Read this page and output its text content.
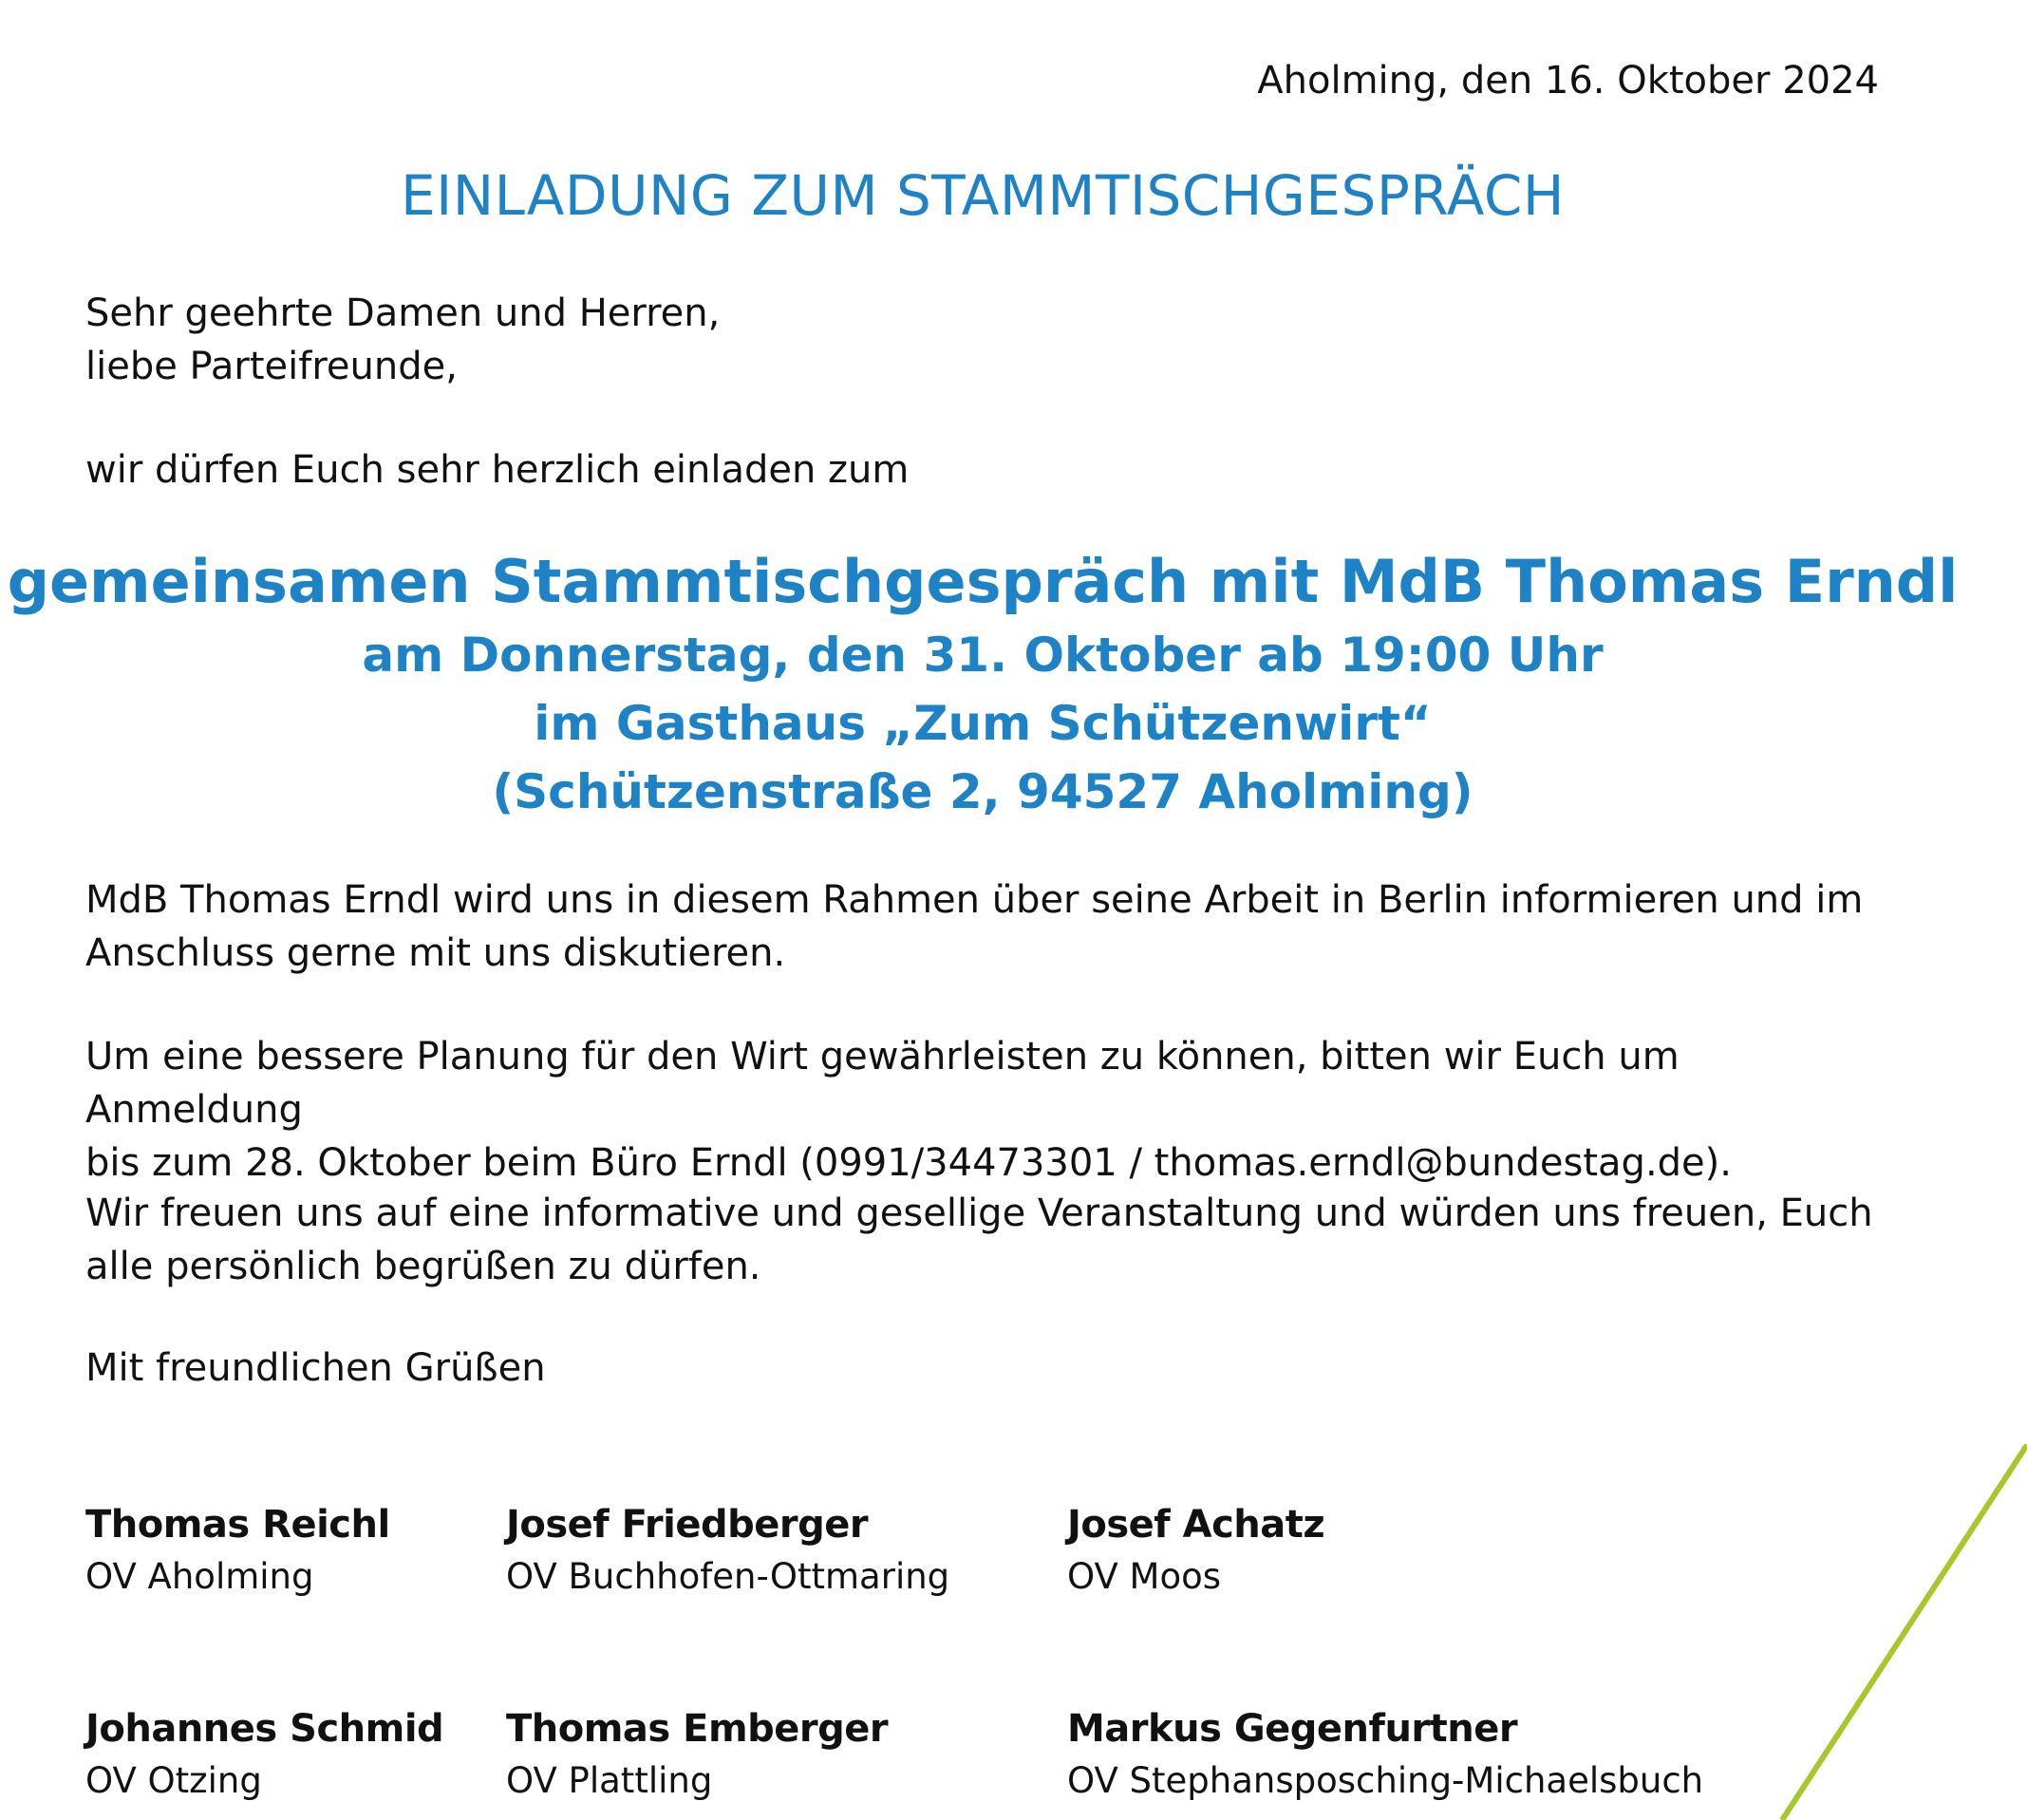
Aholming, den 16. Oktober 2024
EINLADUNG ZUM STAMMTISCHGESPRÄCH
Sehr geehrte Damen und Herren,
liebe Parteifreunde,
wir dürfen Euch sehr herzlich einladen zum
gemeinsamen Stammtischgespräch mit MdB Thomas Erndl
am Donnerstag, den 31. Oktober ab 19:00 Uhr
im Gasthaus „Zum Schützenwirt“
(Schützenstraße 2, 94527 Aholming)
MdB Thomas Erndl wird uns in diesem Rahmen über seine Arbeit in Berlin informieren und im
Anschluss gerne mit uns diskutieren.
Um eine bessere Planung für den Wirt gewährleisten zu können, bitten wir Euch um Anmeldung
bis zum 28. Oktober beim Büro Erndl (0991/34473301 / thomas.erndl@bundestag.de).
Wir freuen uns auf eine informative und gesellige Veranstaltung und würden uns freuen, Euch
alle persönlich begrüßen zu dürfen.
Mit freundlichen Grüßen
Thomas Reichl
OV Aholming
Josef Friedberger
OV Buchhofen-Ottmaring
Josef Achatz
OV Moos
Johannes Schmid
OV Otzing
Thomas Emberger
OV Plattling
Markus Gegenfurtner
OV Stephansposching-Michaelsbuch
